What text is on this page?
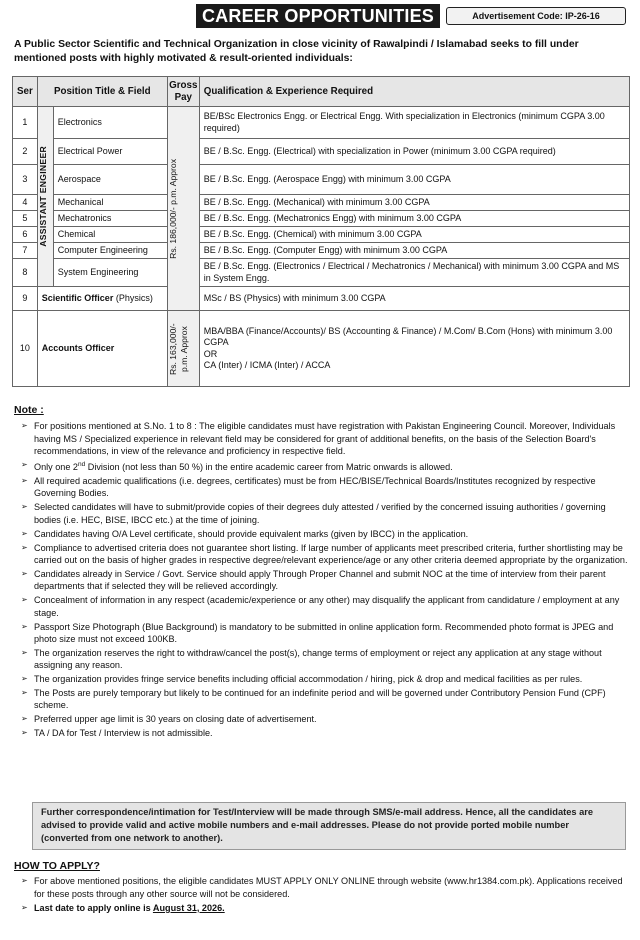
CAREER OPPORTUNITIES	Advertisement Code: IP-26-16
A Public Sector Scientific and Technical Organization in close vicinity of Rawalpindi / Islamabad seeks to fill under mentioned posts with highly motivated & result-oriented individuals:
Ser	Position Title & Field		Gross Pay	Qualification & Experience Required
1	ASSISTANT ENGINEER	Electronics	Rs. 186,000/- p.m. Approx	BE/BSc Electronics Engg. or Electrical Engg. With specialization in Electronics (minimum CGPA 3.00 required)
2		Electrical Power		BE / B.Sc. Engg. (Electrical) with specialization in Power (minimum 3.00 CGPA required)
3		Aerospace		BE / B.Sc. Engg. (Aerospace Engg) with minimum 3.00 CGPA
4		Mechanical		BE / B.Sc. Engg. (Mechanical) with minimum 3.00 CGPA
5		Mechatronics		BE / B.Sc. Engg. (Mechatronics Engg) with minimum 3.00 CGPA
6		Chemical		BE / B.Sc. Engg. (Chemical) with minimum 3.00 CGPA
7		Computer Engineering		BE / B.Sc. Engg. (Computer Engg) with minimum 3.00 CGPA
8		System Engineering		BE / B.Sc. Engg. (Electronics / Electrical / Mechatronics / Mechanical) with minimum 3.00 CGPA and MS in System Engg.
9	Scientific Officer (Physics)			MSc / BS (Physics) with minimum 3.00 CGPA
10	Accounts Officer		Rs. 163,000/- p.m. Approx	MBA/BBA (Finance/Accounts)/ BS (Accounting & Finance) / M.Com/ B.Com (Hons) with minimum 3.00 CGPA
OR
CA (Inter) / ICMA (Inter) / ACCA
Note :
➢ For positions mentioned at S.No. 1 to 8 : The eligible candidates must have registration with Pakistan Engineering Council. Moreover, Individuals having MS / Specialized experience in relevant field may be considered for grant of additional benefits, on the basis of the Selection Board's recommendations, in view of the relevance and proficiency in respective field.
➢ Only one 2nd Division (not less than 50 %) in the entire academic career from Matric onwards is allowed.
➢ All required academic qualifications (i.e. degrees, certificates) must be from HEC/BISE/Technical Boards/Institutes recognized by respective Governing Bodies.
➢ Selected candidates will have to submit/provide copies of their degrees duly attested / verified by the concerned issuing authorities / governing bodies (i.e. HEC, BISE, IBCC etc.) at the time of joining.
➢ Candidates having O/A Level certificate, should provide equivalent marks (given by IBCC) in the application.
➢ Compliance to advertised criteria does not guarantee short listing. If large number of applicants meet prescribed criteria, further shortlisting may be carried out on the basis of higher grades in respective degree/relevant experience/age or any other criteria deemed appropriate by the organization.
➢ Candidates already in Service / Govt. Service should apply Through Proper Channel and submit NOC at the time of interview from their parent departments that if selected they will be relieved accordingly.
➢ Concealment of information in any respect (academic/experience or any other) may disqualify the applicant from candidature / employment at any stage.
➢ Passport Size Photograph (Blue Background) is mandatory to be submitted in online application form. Recommended photo format is JPEG and photo size must not exceed 100KB.
➢ The organization reserves the right to withdraw/cancel the post(s), change terms of employment or reject any application at any stage without assigning any reason.
➢ The organization provides fringe service benefits including official accommodation / hiring, pick & drop and medical facilities as per rules.
➢ The Posts are purely temporary but likely to be continued for an indefinite period and will be governed under Contributory Pension Fund (CPF) scheme.
➢ Preferred upper age limit is 30 years on closing date of advertisement.
➢ TA / DA for Test / Interview is not admissible.
Further correspondence/intimation for Test/Interview will be made through SMS/e-mail address. Hence, all the candidates are advised to provide valid and active mobile numbers and e-mail addresses. Please do not provide ported mobile number (converted from one network to another).
HOW TO APPLY?
➢ For above mentioned positions, the eligible candidates MUST APPLY ONLY ONLINE through website (www.hr1384.com.pk). Applications received for these posts through any other source will not be considered.
➢ Last date to apply online is August 31, 2026.
